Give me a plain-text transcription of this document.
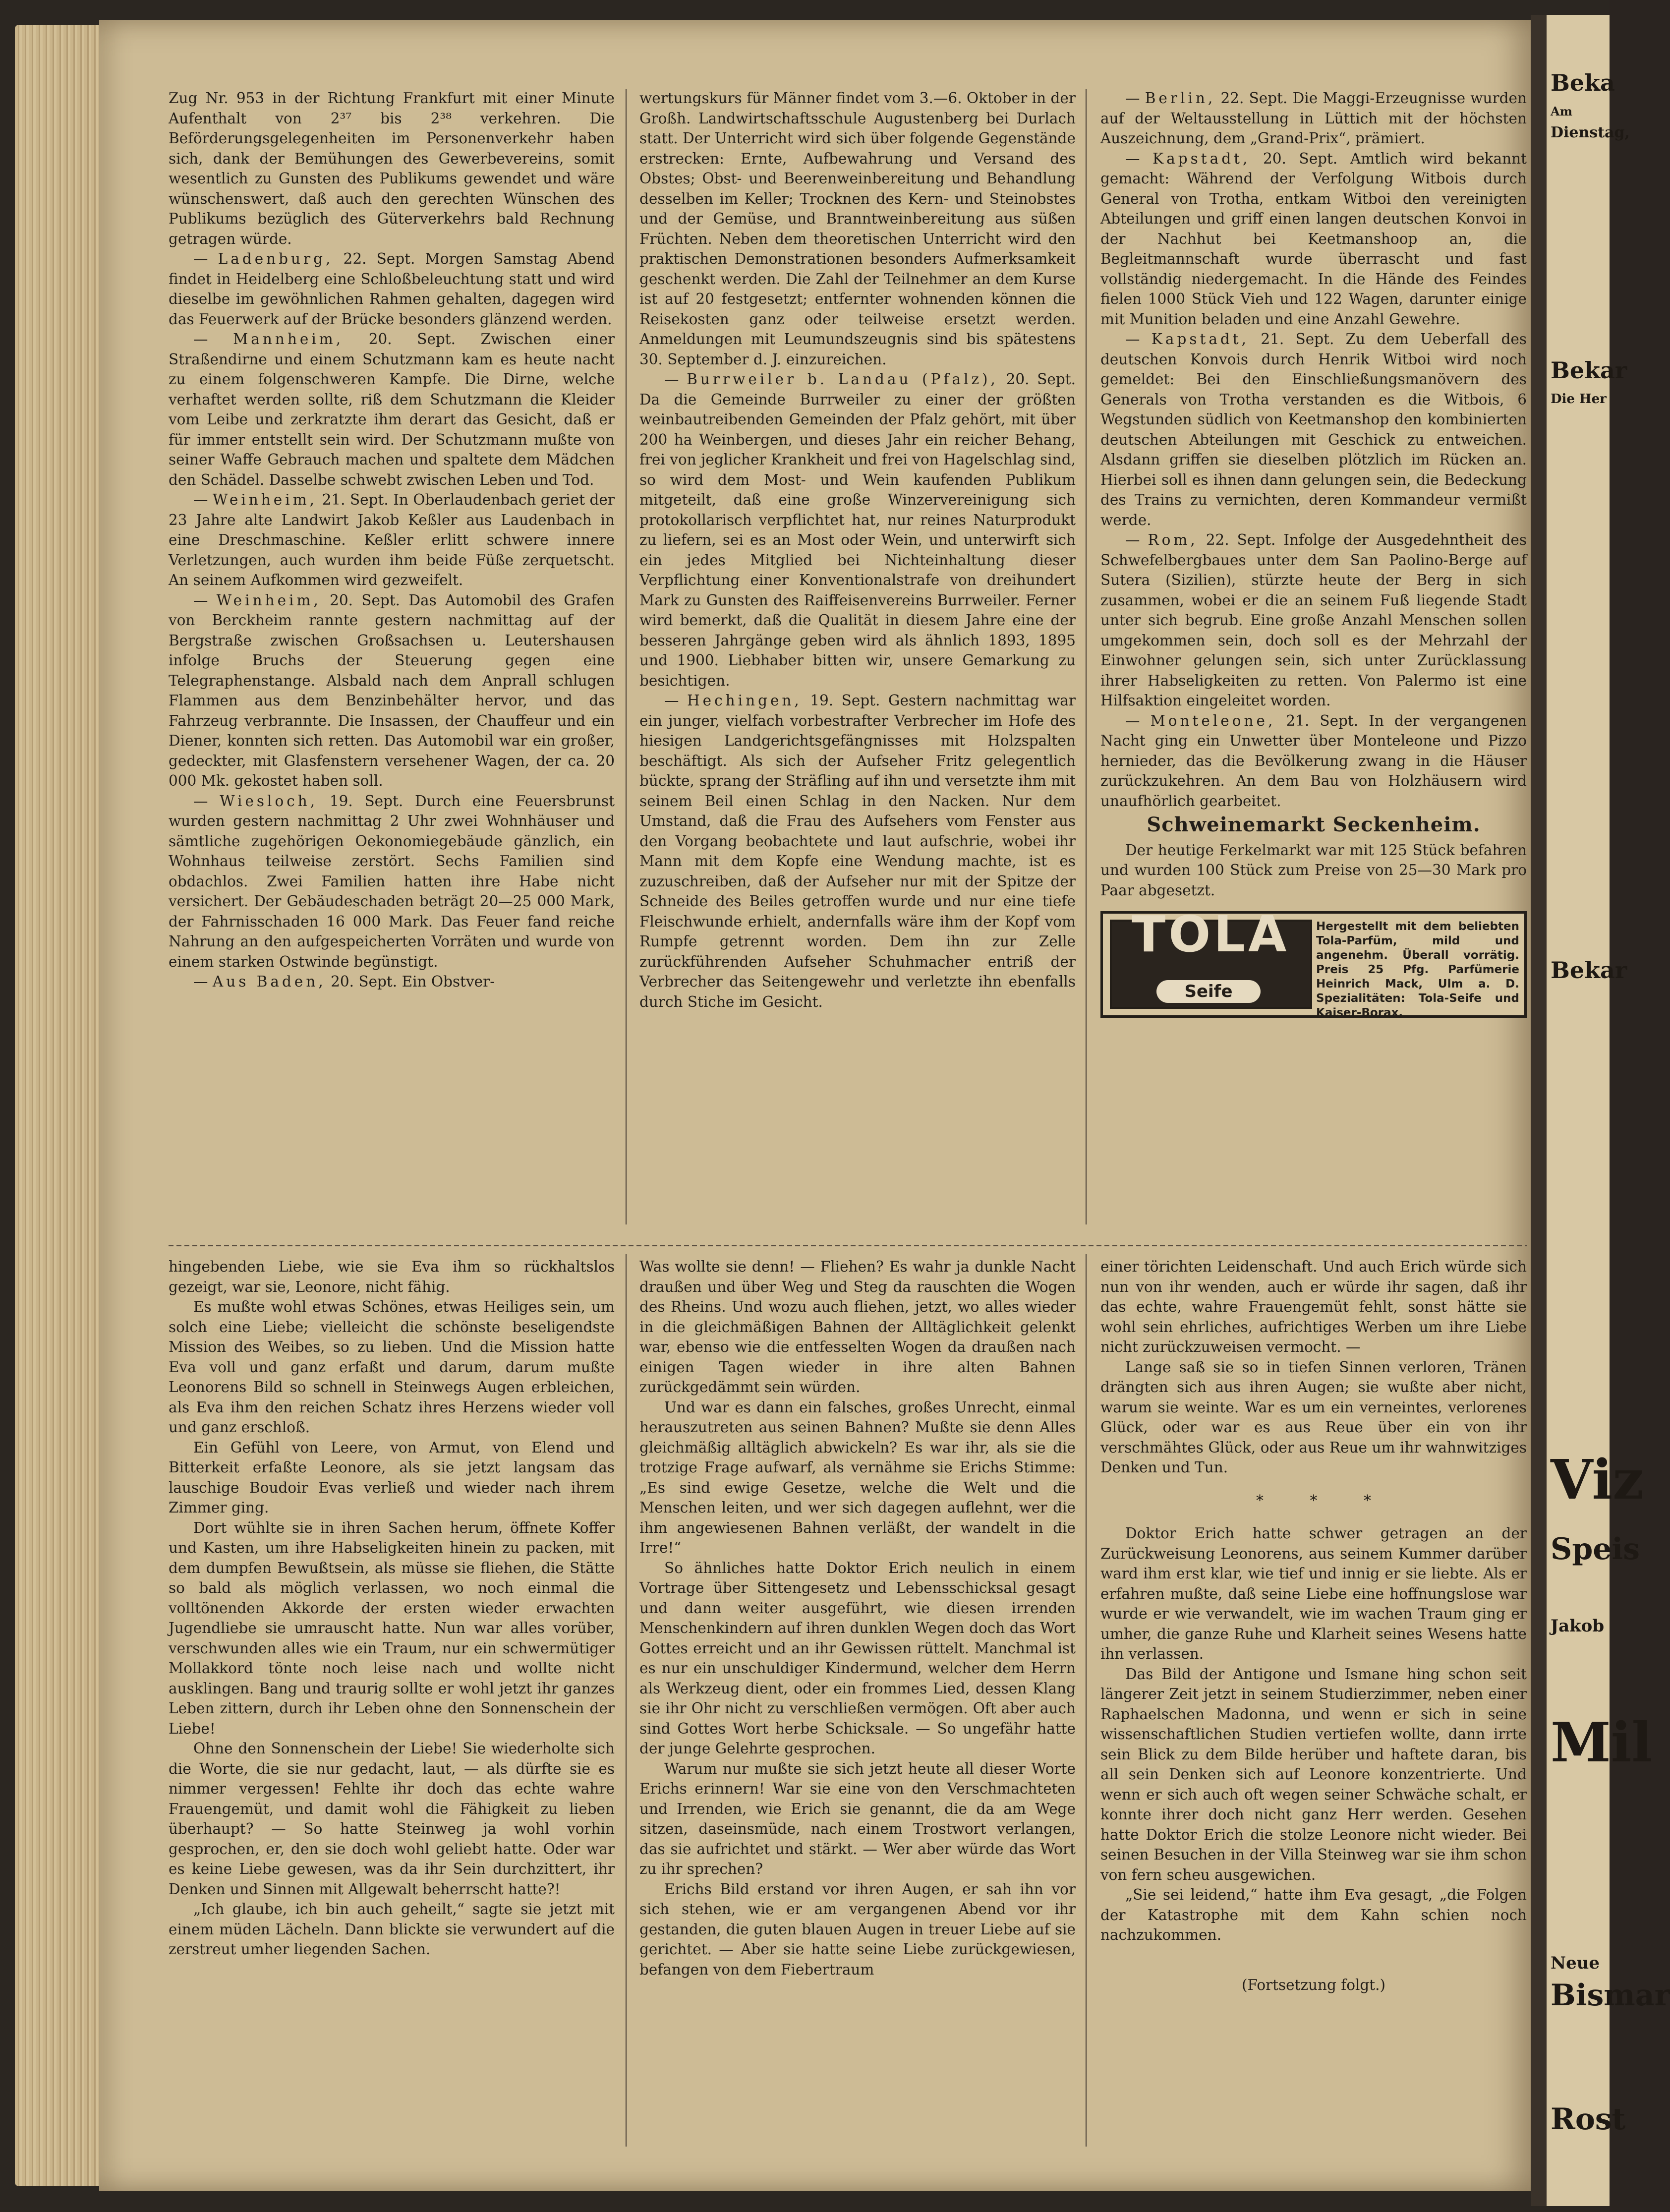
Beka
Am
Dienstag,
Bekar
Die Her
Bekar
Viz
Speis
Jakob
Mil
Neue
Bismar
Rost

Zug Nr. 953 in der Richtung Frankfurt mit einer Minute Aufenthalt von 2³⁷ bis 2³⁸ verkehren. Die Beförderungsgelegenheiten im Personenverkehr haben sich, dank der Bemühungen des Gewerbevereins, somit wesentlich zu Gunsten des Publikums gewendet und wäre wünschenswert, daß auch den gerechten Wünschen des Publikums bezüglich des Güterverkehrs bald Rechnung getragen würde.

— Ladenburg, 22. Sept. Morgen Samstag Abend findet in Heidelberg eine Schloßbeleuchtung statt und wird dieselbe im gewöhnlichen Rahmen gehalten, dagegen wird das Feuerwerk auf der Brücke besonders glänzend werden.

— Mannheim, 20. Sept. Zwischen einer Straßendirne und einem Schutzmann kam es heute nacht zu einem folgenschweren Kampfe. Die Dirne, welche verhaftet werden sollte, riß dem Schutzmann die Kleider vom Leibe und zerkratzte ihm derart das Gesicht, daß er für immer entstellt sein wird. Der Schutzmann mußte von seiner Waffe Gebrauch machen und spaltete dem Mädchen den Schädel. Dasselbe schwebt zwischen Leben und Tod.

— Weinheim, 21. Sept. In Oberlaudenbach geriet der 23 Jahre alte Landwirt Jakob Keßler aus Laudenbach in eine Dreschmaschine. Keßler erlitt schwere innere Verletzungen, auch wurden ihm beide Füße zerquetscht. An seinem Aufkommen wird gezweifelt.

— Weinheim, 20. Sept. Das Automobil des Grafen von Berckheim rannte gestern nachmittag auf der Bergstraße zwischen Großsachsen u. Leutershausen infolge Bruchs der Steuerung gegen eine Telegraphenstange. Alsbald nach dem Anprall schlugen Flammen aus dem Benzinbehälter hervor, und das Fahrzeug verbrannte. Die Insassen, der Chauffeur und ein Diener, konnten sich retten. Das Automobil war ein großer, gedeckter, mit Glasfenstern versehener Wagen, der ca. 20 000 Mk. gekostet haben soll.

— Wiesloch, 19. Sept. Durch eine Feuersbrunst wurden gestern nachmittag 2 Uhr zwei Wohnhäuser und sämtliche zugehörigen Oekonomiegebäude gänzlich, ein Wohnhaus teilweise zerstört. Sechs Familien sind obdachlos. Zwei Familien hatten ihre Habe nicht versichert. Der Gebäudeschaden beträgt 20—25 000 Mark, der Fahrnisschaden 16 000 Mark. Das Feuer fand reiche Nahrung an den aufgespeicherten Vorräten und wurde von einem starken Ostwinde begünstigt.

— Aus Baden, 20. Sept. Ein Obstver-

wertungskurs für Männer findet vom 3.—6. Oktober in der Großh. Landwirtschaftsschule Augustenberg bei Durlach statt. Der Unterricht wird sich über folgende Gegenstände erstrecken: Ernte, Aufbewahrung und Versand des Obstes; Obst- und Beerenweinbereitung und Behandlung desselben im Keller; Trocknen des Kern- und Steinobstes und der Gemüse, und Branntweinbereitung aus süßen Früchten. Neben dem theoretischen Unterricht wird den praktischen Demonstrationen besonders Aufmerksamkeit geschenkt werden. Die Zahl der Teilnehmer an dem Kurse ist auf 20 festgesetzt; entfernter wohnenden können die Reisekosten ganz oder teilweise ersetzt werden. Anmeldungen mit Leumundszeugnis sind bis spätestens 30. September d. J. einzureichen.

— Burrweiler b. Landau (Pfalz), 20. Sept. Da die Gemeinde Burrweiler zu einer der größten weinbautreibenden Gemeinden der Pfalz gehört, mit über 200 ha Weinbergen, und dieses Jahr ein reicher Behang, frei von jeglicher Krankheit und frei von Hagelschlag sind, so wird dem Most- und Wein kaufenden Publikum mitgeteilt, daß eine große Winzervereinigung sich protokollarisch verpflichtet hat, nur reines Naturprodukt zu liefern, sei es an Most oder Wein, und unterwirft sich ein jedes Mitglied bei Nichteinhaltung dieser Verpflichtung einer Konventionalstrafe von dreihundert Mark zu Gunsten des Raiffeisenvereins Burrweiler. Ferner wird bemerkt, daß die Qualität in diesem Jahre eine der besseren Jahrgänge geben wird als ähnlich 1893, 1895 und 1900. Liebhaber bitten wir, unsere Gemarkung zu besichtigen.

— Hechingen, 19. Sept. Gestern nachmittag war ein junger, vielfach vorbestrafter Verbrecher im Hofe des hiesigen Landgerichtsgefängnisses mit Holzspalten beschäftigt. Als sich der Aufseher Fritz gelegentlich bückte, sprang der Sträfling auf ihn und versetzte ihm mit seinem Beil einen Schlag in den Nacken. Nur dem Umstand, daß die Frau des Aufsehers vom Fenster aus den Vorgang beobachtete und laut aufschrie, wobei ihr Mann mit dem Kopfe eine Wendung machte, ist es zuzuschreiben, daß der Aufseher nur mit der Spitze der Schneide des Beiles getroffen wurde und nur eine tiefe Fleischwunde erhielt, andernfalls wäre ihm der Kopf vom Rumpfe getrennt worden. Dem ihn zur Zelle zurückführenden Aufseher Schuhmacher entriß der Verbrecher das Seitengewehr und verletzte ihn ebenfalls durch Stiche im Gesicht.

— Berlin, 22. Sept. Die Maggi-Erzeugnisse wurden auf der Weltausstellung in Lüttich mit der höchsten Auszeichnung, dem „Grand-Prix“, prämiert.

— Kapstadt, 20. Sept. Amtlich wird bekannt gemacht: Während der Verfolgung Witbois durch General von Trotha, entkam Witboi den vereinigten Abteilungen und griff einen langen deutschen Konvoi in der Nachhut bei Keetmanshoop an, die Begleitmannschaft wurde überrascht und fast vollständig niedergemacht. In die Hände des Feindes fielen 1000 Stück Vieh und 122 Wagen, darunter einige mit Munition beladen und eine Anzahl Gewehre.

— Kapstadt, 21. Sept. Zu dem Ueberfall des deutschen Konvois durch Henrik Witboi wird noch gemeldet: Bei den Einschließungsmanövern des Generals von Trotha verstanden es die Witbois, 6 Wegstunden südlich von Keetmanshop den kombinierten deutschen Abteilungen mit Geschick zu entweichen. Alsdann griffen sie dieselben plötzlich im Rücken an. Hierbei soll es ihnen dann gelungen sein, die Bedeckung des Trains zu vernichten, deren Kommandeur vermißt werde.

— Rom, 22. Sept. Infolge der Ausgedehntheit des Schwefelbergbaues unter dem San Paolino-Berge auf Sutera (Sizilien), stürzte heute der Berg in sich zusammen, wobei er die an seinem Fuß liegende Stadt unter sich begrub. Eine große Anzahl Menschen sollen umgekommen sein, doch soll es der Mehrzahl der Einwohner gelungen sein, sich unter Zurücklassung ihrer Habseligkeiten zu retten. Von Palermo ist eine Hilfsaktion eingeleitet worden.

— Monteleone, 21. Sept. In der vergangenen Nacht ging ein Unwetter über Monteleone und Pizzo hernieder, das die Bevölkerung zwang in die Häuser zurückzukehren. An dem Bau von Holzhäusern wird unaufhörlich gearbeitet.

Schweinemarkt Seckenheim.

Der heutige Ferkelmarkt war mit 125 Stück befahren und wurden 100 Stück zum Preise von 25—30 Mark pro Paar abgesetzt.

TOLA
Seife
Hergestellt mit dem beliebten Tola-Parfüm, mild und angenehm. Überall vorrätig. Preis 25 Pfg. Parfümerie Heinrich Mack, Ulm a. D. Spezialitäten: Tola-Seife und Kaiser-Borax.

hingebenden Liebe, wie sie Eva ihm so rückhaltslos gezeigt, war sie, Leonore, nicht fähig.

Es mußte wohl etwas Schönes, etwas Heiliges sein, um solch eine Liebe; vielleicht die schönste beseligendste Mission des Weibes, so zu lieben. Und die Mission hatte Eva voll und ganz erfaßt und darum, darum mußte Leonorens Bild so schnell in Steinwegs Augen erbleichen, als Eva ihm den reichen Schatz ihres Herzens wieder voll und ganz erschloß.

Ein Gefühl von Leere, von Armut, von Elend und Bitterkeit erfaßte Leonore, als sie jetzt langsam das lauschige Boudoir Evas verließ und wieder nach ihrem Zimmer ging.

Dort wühlte sie in ihren Sachen herum, öffnete Koffer und Kasten, um ihre Habseligkeiten hinein zu packen, mit dem dumpfen Bewußtsein, als müsse sie fliehen, die Stätte so bald als möglich verlassen, wo noch einmal die volltönenden Akkorde der ersten wieder erwachten Jugendliebe sie umrauscht hatte. Nun war alles vorüber, verschwunden alles wie ein Traum, nur ein schwermütiger Mollakkord tönte noch leise nach und wollte nicht ausklingen. Bang und traurig sollte er wohl jetzt ihr ganzes Leben zittern, durch ihr Leben ohne den Sonnenschein der Liebe!

Ohne den Sonnenschein der Liebe! Sie wiederholte sich die Worte, die sie nur gedacht, laut, — als dürfte sie es nimmer vergessen! Fehlte ihr doch das echte wahre Frauengemüt, und damit wohl die Fähigkeit zu lieben überhaupt? — So hatte Steinweg ja wohl vorhin gesprochen, er, den sie doch wohl geliebt hatte. Oder war es keine Liebe gewesen, was da ihr Sein durchzittert, ihr Denken und Sinnen mit Allgewalt beherrscht hatte?!

„Ich glaube, ich bin auch geheilt,“ sagte sie jetzt mit einem müden Lächeln. Dann blickte sie verwundert auf die zerstreut umher liegenden Sachen.

Was wollte sie denn! — Fliehen? Es wahr ja dunkle Nacht draußen und über Weg und Steg da rauschten die Wogen des Rheins. Und wozu auch fliehen, jetzt, wo alles wieder in die gleichmäßigen Bahnen der Alltäglichkeit gelenkt war, ebenso wie die entfesselten Wogen da draußen nach einigen Tagen wieder in ihre alten Bahnen zurückgedämmt sein würden.

Und war es dann ein falsches, großes Unrecht, einmal herauszutreten aus seinen Bahnen? Mußte sie denn Alles gleichmäßig alltäglich abwickeln? Es war ihr, als sie die trotzige Frage aufwarf, als vernähme sie Erichs Stimme: „Es sind ewige Gesetze, welche die Welt und die Menschen leiten, und wer sich dagegen auflehnt, wer die ihm angewiesenen Bahnen verläßt, der wandelt in die Irre!“

So ähnliches hatte Doktor Erich neulich in einem Vortrage über Sittengesetz und Lebensschicksal gesagt und dann weiter ausgeführt, wie diesen irrenden Menschenkindern auf ihren dunklen Wegen doch das Wort Gottes erreicht und an ihr Gewissen rüttelt. Manchmal ist es nur ein unschuldiger Kindermund, welcher dem Herrn als Werkzeug dient, oder ein frommes Lied, dessen Klang sie ihr Ohr nicht zu verschließen vermögen. Oft aber auch sind Gottes Wort herbe Schicksale. — So ungefähr hatte der junge Gelehrte gesprochen.

Warum nur mußte sie sich jetzt heute all dieser Worte Erichs erinnern! War sie eine von den Verschmachteten und Irrenden, wie Erich sie genannt, die da am Wege sitzen, daseinsmüde, nach einem Trostwort verlangen, das sie aufrichtet und stärkt. — Wer aber würde das Wort zu ihr sprechen?

Erichs Bild erstand vor ihren Augen, er sah ihn vor sich stehen, wie er am vergangenen Abend vor ihr gestanden, die guten blauen Augen in treuer Liebe auf sie gerichtet. — Aber sie hatte seine Liebe zurückgewiesen, befangen von dem Fiebertraum

einer törichten Leidenschaft. Und auch Erich würde sich nun von ihr wenden, auch er würde ihr sagen, daß ihr das echte, wahre Frauengemüt fehlt, sonst hätte sie wohl sein ehrliches, aufrichtiges Werben um ihre Liebe nicht zurückzuweisen vermocht. —

Lange saß sie so in tiefen Sinnen verloren, Tränen drängten sich aus ihren Augen; sie wußte aber nicht, warum sie weinte. War es um ein verneintes, verlorenes Glück, oder war es aus Reue über ein von ihr verschmähtes Glück, oder aus Reue um ihr wahnwitziges Denken und Tun.

*          *          *

Doktor Erich hatte schwer getragen an der Zurückweisung Leonorens, aus seinem Kummer darüber ward ihm erst klar, wie tief und innig er sie liebte. Als er erfahren mußte, daß seine Liebe eine hoffnungslose war wurde er wie verwandelt, wie im wachen Traum ging er umher, die ganze Ruhe und Klarheit seines Wesens hatte ihn verlassen.

Das Bild der Antigone und Ismane hing schon seit längerer Zeit jetzt in seinem Studierzimmer, neben einer Raphaelschen Madonna, und wenn er sich in seine wissenschaftlichen Studien vertiefen wollte, dann irrte sein Blick zu dem Bilde herüber und haftete daran, bis all sein Denken sich auf Leonore konzentrierte. Und wenn er sich auch oft wegen seiner Schwäche schalt, er konnte ihrer doch nicht ganz Herr werden. Gesehen hatte Doktor Erich die stolze Leonore nicht wieder. Bei seinen Besuchen in der Villa Steinweg war sie ihm schon von fern scheu ausgewichen.

„Sie sei leidend,“ hatte ihm Eva gesagt, „die Folgen der Katastrophe mit dem Kahn schien noch nachzukommen.

(Fortsetzung folgt.)
